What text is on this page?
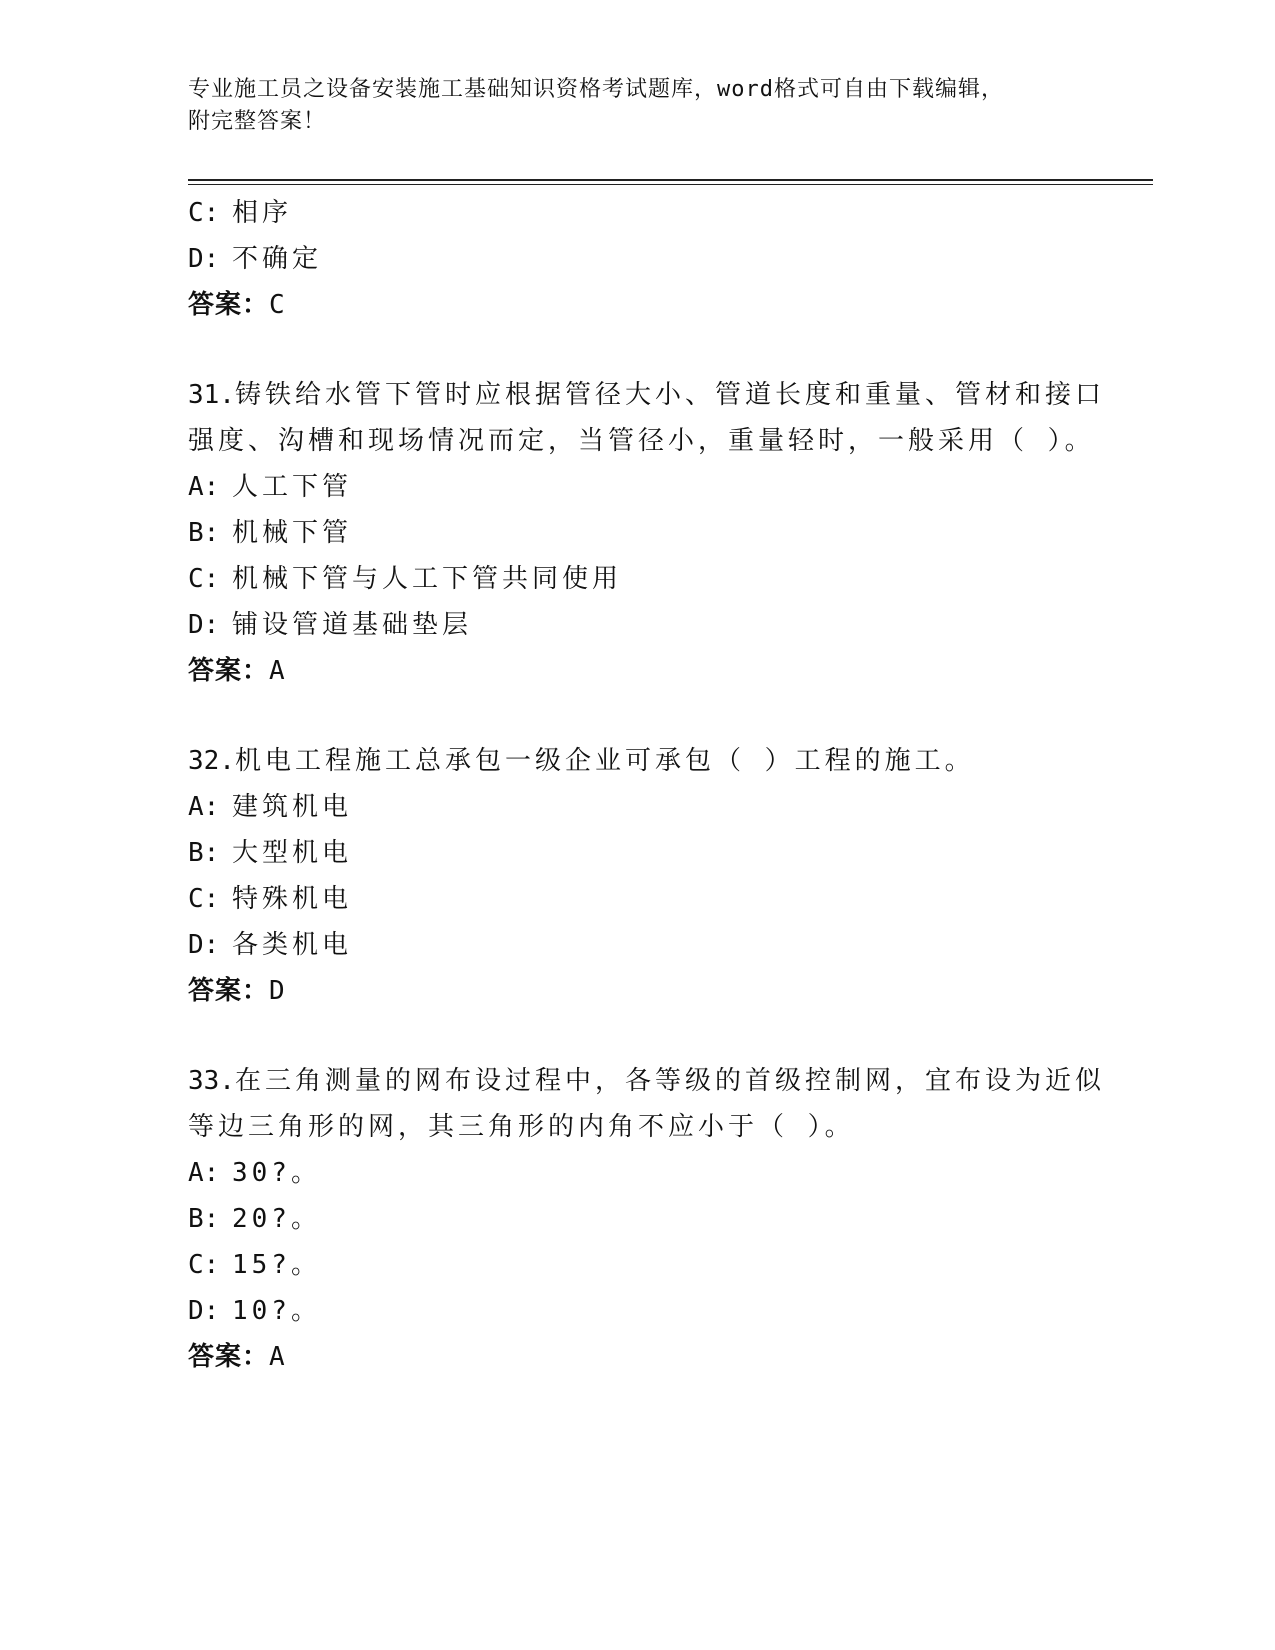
专业施工员之设备安装施工基础知识资格考试题库，word格式可自由下载编辑，
附完整答案！
C: 相序
D: 不确定
答案：C
31.铸铁给水管下管时应根据管径大小、管道长度和重量、管材和接口
强度、沟槽和现场情况而定，当管径小，重量轻时，一般采用（ ）。
A: 人工下管
B: 机械下管
C: 机械下管与人工下管共同使用
D: 铺设管道基础垫层
答案：A
32.机电工程施工总承包一级企业可承包（ ）工程的施工。
A: 建筑机电
B: 大型机电
C: 特殊机电
D: 各类机电
答案：D
33.在三角测量的网布设过程中，各等级的首级控制网，宜布设为近似
等边三角形的网，其三角形的内角不应小于（ ）。
A: 30?。
B: 20?。
C: 15?。
D: 10?。
答案：A
